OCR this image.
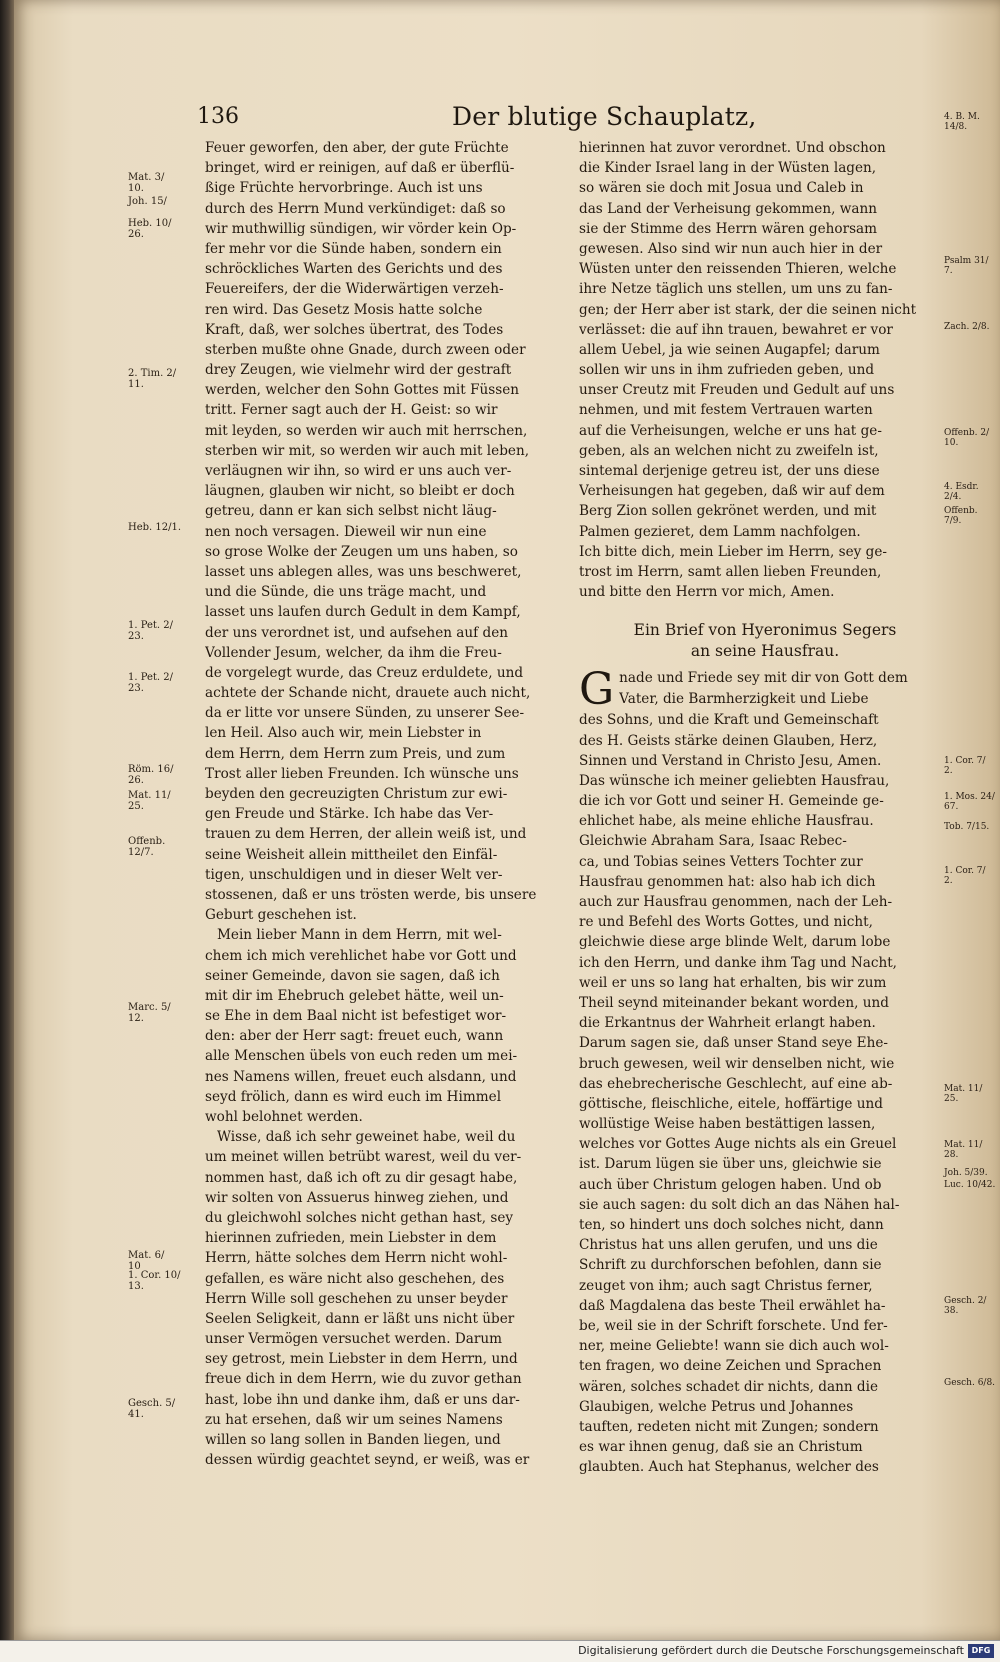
136	Der blutige Schauplatz,
Feuer geworfen, den aber, der gute Früchte
bringet, wird er reinigen, auf daß er überflü-
ßige Früchte hervorbringe. Auch ist uns
durch des Herrn Mund verkündiget: daß so
wir muthwillig sündigen, wir vörder kein Op-
fer mehr vor die Sünde haben, sondern ein
schröckliches Warten des Gerichts und des
Feuereifers, der die Widerwärtigen verzeh-
ren wird. Das Gesetz Mosis hatte solche
Kraft, daß, wer solches übertrat, des Todes
sterben mußte ohne Gnade, durch zween oder
drey Zeugen, wie vielmehr wird der gestraft
werden, welcher den Sohn Gottes mit Füssen
tritt. Ferner sagt auch der H. Geist: so wir
mit leyden, so werden wir auch mit herrschen,
sterben wir mit, so werden wir auch mit leben,
verläugnen wir ihn, so wird er uns auch ver-
läugnen, glauben wir nicht, so bleibt er doch
getreu, dann er kan sich selbst nicht läug-
nen noch versagen. Dieweil wir nun eine
so grose Wolke der Zeugen um uns haben, so
lasset uns ablegen alles, was uns beschweret,
und die Sünde, die uns träge macht, und
lasset uns laufen durch Gedult in dem Kampf,
der uns verordnet ist, und aufsehen auf den
Vollender Jesum, welcher, da ihm die Freu-
de vorgelegt wurde, das Creuz erduldete, und
achtete der Schande nicht, drauete auch nicht,
da er litte vor unsere Sünden, zu unserer See-
len Heil. Also auch wir, mein Liebster in
dem Herrn, dem Herrn zum Preis, und zum
Trost aller lieben Freunden. Ich wünsche uns
beyden den gecreuzigten Christum zur ewi-
gen Freude und Stärke. Ich habe das Ver-
trauen zu dem Herren, der allein weiß ist, und
seine Weisheit allein mittheilet den Einfäl-
tigen, unschuldigen und in dieser Welt ver-
stossenen, daß er uns trösten werde, bis unsere
Geburt geschehen ist.
Mein lieber Mann in dem Herrn, mit wel-
chem ich mich verehlichet habe vor Gott und
seiner Gemeinde, davon sie sagen, daß ich
mit dir im Ehebruch gelebet hätte, weil un-
se Ehe in dem Baal nicht ist befestiget wor-
den: aber der Herr sagt: freuet euch, wann
alle Menschen übels von euch reden um mei-
nes Namens willen, freuet euch alsdann, und
seyd frölich, dann es wird euch im Himmel
wohl belohnet werden.
Wisse, daß ich sehr geweinet habe, weil du
um meinet willen betrübt warest, weil du ver-
nommen hast, daß ich oft zu dir gesagt habe,
wir solten von Assuerus hinweg ziehen, und
du gleichwohl solches nicht gethan hast, sey
hierinnen zufrieden, mein Liebster in dem
Herrn, hätte solches dem Herrn nicht wohl-
gefallen, es wäre nicht also geschehen, des
Herrn Wille soll geschehen zu unser beyder
Seelen Seligkeit, dann er läßt uns nicht über
unser Vermögen versuchet werden. Darum
sey getrost, mein Liebster in dem Herrn, und
freue dich in dem Herrn, wie du zuvor gethan
hast, lobe ihn und danke ihm, daß er uns dar-
zu hat ersehen, daß wir um seines Namens
willen so lang sollen in Banden liegen, und
dessen würdig geachtet seynd, er weiß, was er
hierinnen hat zuvor verordnet. Und obschon
die Kinder Israel lang in der Wüsten lagen,
so wären sie doch mit Josua und Caleb in
das Land der Verheisung gekommen, wann
sie der Stimme des Herrn wären gehorsam
gewesen. Also sind wir nun auch hier in der
Wüsten unter den reissenden Thieren, welche
ihre Netze täglich uns stellen, um uns zu fan-
gen; der Herr aber ist stark, der die seinen nicht
verlässet: die auf ihn trauen, bewahret er vor
allem Uebel, ja wie seinen Augapfel; darum
sollen wir uns in ihm zufrieden geben, und
unser Creutz mit Freuden und Gedult auf uns
nehmen, und mit festem Vertrauen warten
auf die Verheisungen, welche er uns hat ge-
geben, als an welchen nicht zu zweifeln ist,
sintemal derjenige getreu ist, der uns diese
Verheisungen hat gegeben, daß wir auf dem
Berg Zion sollen gekrönet werden, und mit
Palmen gezieret, dem Lamm nachfolgen.
Ich bitte dich, mein Lieber im Herrn, sey ge-
trost im Herrn, samt allen lieben Freunden,
und bitte den Herrn vor mich, Amen.
Ein Brief von Hyeronimus Segers
an seine Hausfrau.
G nade und Friede sey mit dir von Gott dem
Vater, die Barmherzigkeit und Liebe
des Sohns, und die Kraft und Gemeinschaft
des H. Geists stärke deinen Glauben, Herz,
Sinnen und Verstand in Christo Jesu, Amen.
Das wünsche ich meiner geliebten Hausfrau,
die ich vor Gott und seiner H. Gemeinde ge-
ehlichet habe, als meine ehliche Hausfrau.
Gleichwie Abraham Sara, Isaac Rebec-
ca, und Tobias seines Vetters Tochter zur
Hausfrau genommen hat: also hab ich dich
auch zur Hausfrau genommen, nach der Leh-
re und Befehl des Worts Gottes, und nicht,
gleichwie diese arge blinde Welt, darum lobe
ich den Herrn, und danke ihm Tag und Nacht,
weil er uns so lang hat erhalten, bis wir zum
Theil seynd miteinander bekant worden, und
die Erkantnus der Wahrheit erlangt haben.
Darum sagen sie, daß unser Stand seye Ehe-
bruch gewesen, weil wir denselben nicht, wie
das ehebrecherische Geschlecht, auf eine ab-
göttische, fleischliche, eitele, hoffärtige und
wollüstige Weise haben bestättigen lassen,
welches vor Gottes Auge nichts als ein Greuel
ist. Darum lügen sie über uns, gleichwie sie
auch über Christum gelogen haben. Und ob
sie auch sagen: du solt dich an das Nähen hal-
ten, so hindert uns doch solches nicht, dann
Christus hat uns allen gerufen, und uns die
Schrift zu durchforschen befohlen, dann sie
zeuget von ihm; auch sagt Christus ferner,
daß Magdalena das beste Theil erwählet ha-
be, weil sie in der Schrift forschete. Und fer-
ner, meine Geliebte! wann sie dich auch wol-
ten fragen, wo deine Zeichen und Sprachen
wären, solches schadet dir nichts, dann die
Glaubigen, welche Petrus und Johannes
tauften, redeten nicht mit Zungen; sondern
es war ihnen genug, daß sie an Christum
glaubten. Auch hat Stephanus, welcher des
Mat. 3/
10.
Joh. 15/
Heb. 10/
26.
2. Tim. 2/
11.
Heb. 12/1.
1. Pet. 2/
23.
1. Pet. 2/
23.
Röm. 16/
26.
Mat. 11/
25.
Offenb.
12/7.
Marc. 5/
12.
Mat. 6/
10
1. Cor. 10/
13.
Gesch. 5/
41.
4. B. M.
14/8.
Psalm 31/
7.
Zach. 2/8.
Offenb. 2/
10.
4. Esdr.
2/4.
Offenb.
7/9.
1. Cor. 7/
2.
1. Mos. 24/
67.
Tob. 7/15.
1. Cor. 7/
2.
Mat. 11/
25.
Mat. 11/
28.
Joh. 5/39.
Luc. 10/42.
Gesch. 2/
38.
Gesch. 6/8.
Digitalisierung gefördert durch die Deutsche Forschungsgemeinschaft DFG
